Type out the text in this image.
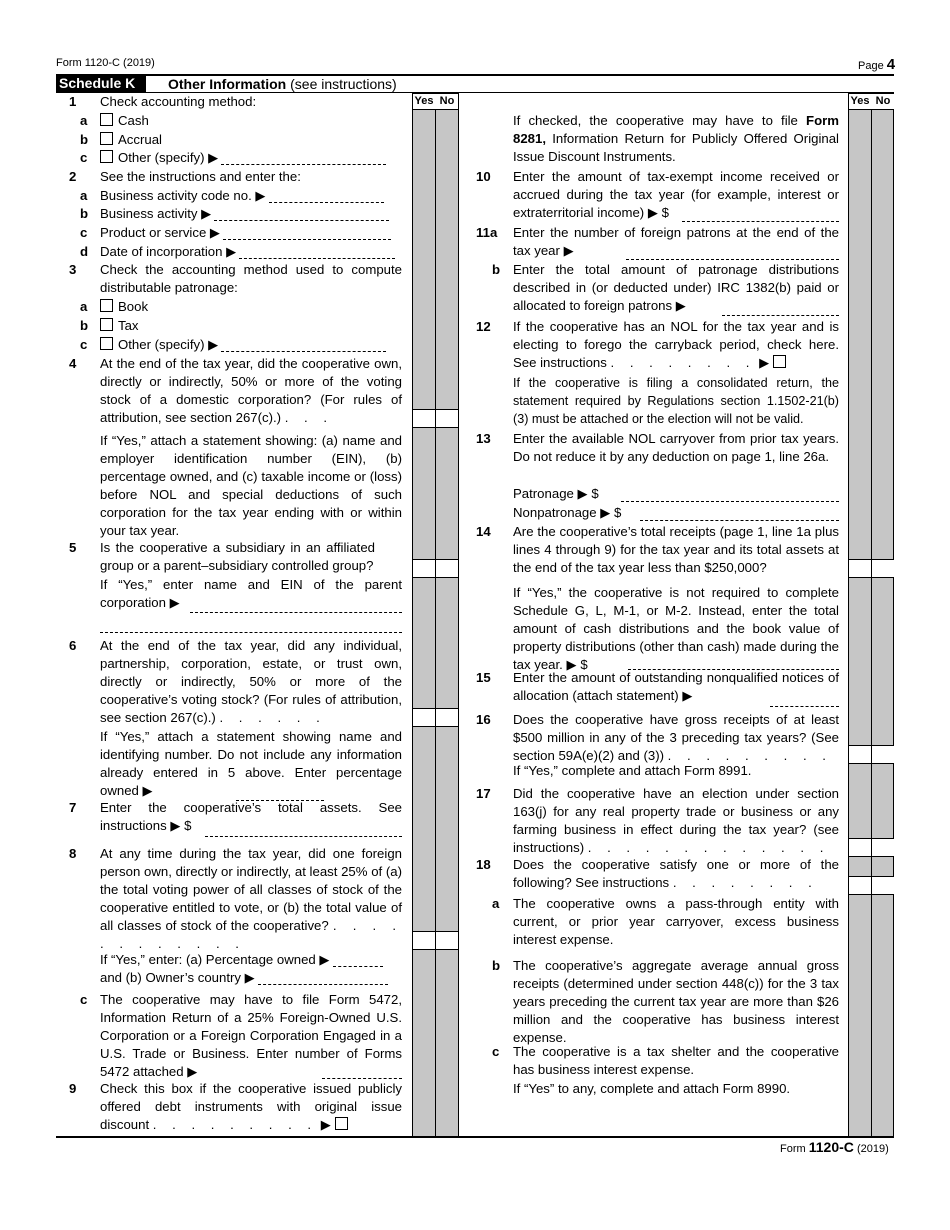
Form 1120-C (2019)	Page 4
Schedule K	Other Information (see instructions)
Yes No	Yes No
1 Check accounting method:
a	Cash
b	Accrual
c	Other (specify) ▶
2 See the instructions and enter the:
a Business activity code no. ▶
b Business activity ▶
c Product or service ▶
d Date of incorporation ▶
3 Check the accounting method used to compute distributable patronage:
a	Book
b	Tax
c	Other (specify) ▶
4 At the end of the tax year, did the cooperative own, directly or indirectly, 50% or more of the voting stock of a domestic corporation? (For rules of attribution, see section 267(c).) . . .
If “Yes,” attach a statement showing: (a) name and employer identification number (EIN), (b) percentage owned, and (c) taxable income or (loss) before NOL and special deductions of such corporation for the tax year ending with or within your tax year.
5 Is the cooperative a subsidiary in an affiliated group or a parent–subsidiary controlled group?
If “Yes,” enter name and EIN of the parent corporation ▶
6 At the end of the tax year, did any individual, partnership, corporation, estate, or trust own, directly or indirectly, 50% or more of the cooperative’s voting stock? (For rules of attribution, see section 267(c).) . . . . . .
If “Yes,” attach a statement showing name and identifying number. Do not include any information already entered in 5 above. Enter percentage owned ▶
7 Enter the cooperative’s total assets. See instructions ▶ $
8 At any time during the tax year, did one foreign person own, directly or indirectly, at least 25% of (a) the total voting power of all classes of stock of the cooperative entitled to vote, or (b) the total value of all classes of stock of the cooperative? . . . . . . . . . . . .
If “Yes,” enter: (a) Percentage owned ▶
and (b) Owner’s country ▶
c The cooperative may have to file Form 5472, Information Return of a 25% Foreign-Owned U.S. Corporation or a Foreign Corporation Engaged in a U.S. Trade or Business. Enter number of Forms 5472 attached ▶
9 Check this box if the cooperative issued publicly offered debt instruments with original issue discount . . . . . . . . . ▶
If checked, the cooperative may have to file Form 8281, Information Return for Publicly Offered Original Issue Discount Instruments.
10 Enter the amount of tax-exempt income received or accrued during the tax year (for example, interest or extraterritorial income) ▶ $
11a Enter the number of foreign patrons at the end of the tax year ▶
b Enter the total amount of patronage distributions described in (or deducted under) IRC 1382(b) paid or allocated to foreign patrons ▶
12 If the cooperative has an NOL for the tax year and is electing to forego the carryback period, check here. See instructions . . . . . . . . ▶
If the cooperative is filing a consolidated return, the statement required by Regulations section 1.1502-21(b)(3) must be attached or the election will not be valid.
13 Enter the available NOL carryover from prior tax years. Do not reduce it by any deduction on page 1, line 26a.
Patronage ▶ $
Nonpatronage ▶ $
14 Are the cooperative’s total receipts (page 1, line 1a plus lines 4 through 9) for the tax year and its total assets at the end of the tax year less than $250,000?
If “Yes,” the cooperative is not required to complete Schedule G, L, M-1, or M-2. Instead, enter the total amount of cash distributions and the book value of property distributions (other than cash) made during the tax year. ▶ $
15 Enter the amount of outstanding nonqualified notices of allocation (attach statement) ▶
16 Does the cooperative have gross receipts of at least $500 million in any of the 3 preceding tax years? (See section 59A(e)(2) and (3)) . . . . . . . . .
If “Yes,” complete and attach Form 8991.
17 Did the cooperative have an election under section 163(j) for any real property trade or business or any farming business in effect during the tax year? (see instructions) . . . . . . . . . . . . .
18 Does the cooperative satisfy one or more of the following? See instructions . . . . . . . .
a The cooperative owns a pass-through entity with current, or prior year carryover, excess business interest expense.
b The cooperative’s aggregate average annual gross receipts (determined under section 448(c)) for the 3 tax years preceding the current tax year are more than $26 million and the cooperative has business interest expense.
c The cooperative is a tax shelter and the cooperative has business interest expense.
If “Yes” to any, complete and attach Form 8990.
Form 1120-C (2019)
